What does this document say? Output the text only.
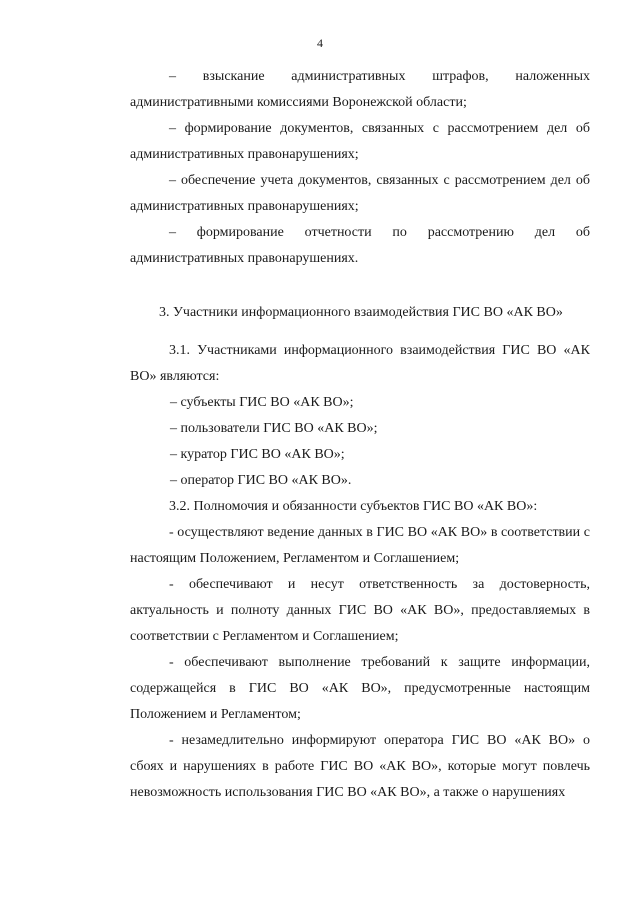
4

– взыскание административных штрафов, наложенных административными комиссиями Воронежской области;

– формирование документов, связанных с рассмотрением дел об административных правонарушениях;

– обеспечение учета документов, связанных с рассмотрением дел об административных правонарушениях;

– формирование отчетности по рассмотрению дел об административных правонарушениях.

3. Участники информационного взаимодействия ГИС ВО «АК ВО»

3.1. Участниками информационного взаимодействия ГИС ВО «АК ВО» являются:

– субъекты ГИС ВО «АК ВО»;

– пользователи ГИС ВО «АК ВО»;

– куратор ГИС ВО «АК ВО»;

– оператор ГИС ВО «АК ВО».

3.2. Полномочия и обязанности субъектов ГИС ВО «АК ВО»:

- осуществляют ведение данных в ГИС ВО «АК ВО» в соответствии с настоящим Положением, Регламентом и Соглашением;

- обеспечивают и несут ответственность за достоверность, актуальность и полноту данных ГИС ВО «АК ВО», предоставляемых в соответствии с Регламентом и Соглашением;

- обеспечивают выполнение требований к защите информации, содержащейся в ГИС ВО «АК ВО», предусмотренные настоящим Положением и Регламентом;

- незамедлительно информируют оператора ГИС ВО «АК ВО» о сбоях и нарушениях в работе ГИС ВО «АК ВО», которые могут повлечь невозможность использования ГИС ВО «АК ВО», а также о нарушениях
